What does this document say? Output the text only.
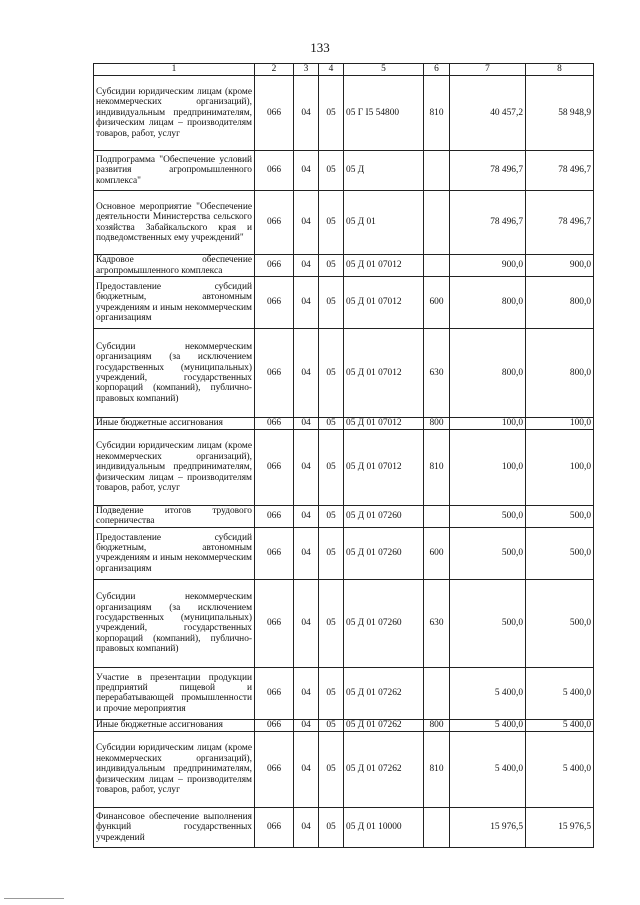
133
1	2	3	4	5	6	7	8
Субсидии юридическим лицам (кроме некоммерческих организаций), индивидуальным предпринимателям, физическим лицам – производителям товаров, работ, услуг	066	04	05	05 Г I5 54800	810	40 457,2	58 948,9
Подпрограмма "Обеспечение условий развития агропромышленного комплекса"	066	04	05	05 Д		78 496,7	78 496,7
Основное мероприятие "Обеспечение деятельности Министерства сельского хозяйства Забайкальского края и подведомственных ему учреждений"	066	04	05	05 Д 01		78 496,7	78 496,7
Кадровое обеспечение агропромышленного комплекса	066	04	05	05 Д 01 07012		900,0	900,0
Предоставление субсидий бюджетным, автономным учреждениям и иным некоммерческим организациям	066	04	05	05 Д 01 07012	600	800,0	800,0
Субсидии некоммерческим организациям (за исключением государственных (муниципальных) учреждений, государственных корпораций (компаний), публично-правовых компаний)	066	04	05	05 Д 01 07012	630	800,0	800,0
Иные бюджетные ассигнования	066	04	05	05 Д 01 07012	800	100,0	100,0
Субсидии юридическим лицам (кроме некоммерческих организаций), индивидуальным предпринимателям, физическим лицам – производителям товаров, работ, услуг	066	04	05	05 Д 01 07012	810	100,0	100,0
Подведение итогов трудового соперничества	066	04	05	05 Д 01 07260		500,0	500,0
Предоставление субсидий бюджетным, автономным учреждениям и иным некоммерческим организациям	066	04	05	05 Д 01 07260	600	500,0	500,0
Субсидии некоммерческим организациям (за исключением государственных (муниципальных) учреждений, государственных корпораций (компаний), публично-правовых компаний)	066	04	05	05 Д 01 07260	630	500,0	500,0
Участие в презентации продукции предприятий пищевой и перерабатывающей промышленности и прочие мероприятия	066	04	05	05 Д 01 07262		5 400,0	5 400,0
Иные бюджетные ассигнования	066	04	05	05 Д 01 07262	800	5 400,0	5 400,0
Субсидии юридическим лицам (кроме некоммерческих организаций), индивидуальным предпринимателям, физическим лицам – производителям товаров, работ, услуг	066	04	05	05 Д 01 07262	810	5 400,0	5 400,0
Финансовое обеспечение выполнения функций государственных учреждений	066	04	05	05 Д 01 10000		15 976,5	15 976,5
